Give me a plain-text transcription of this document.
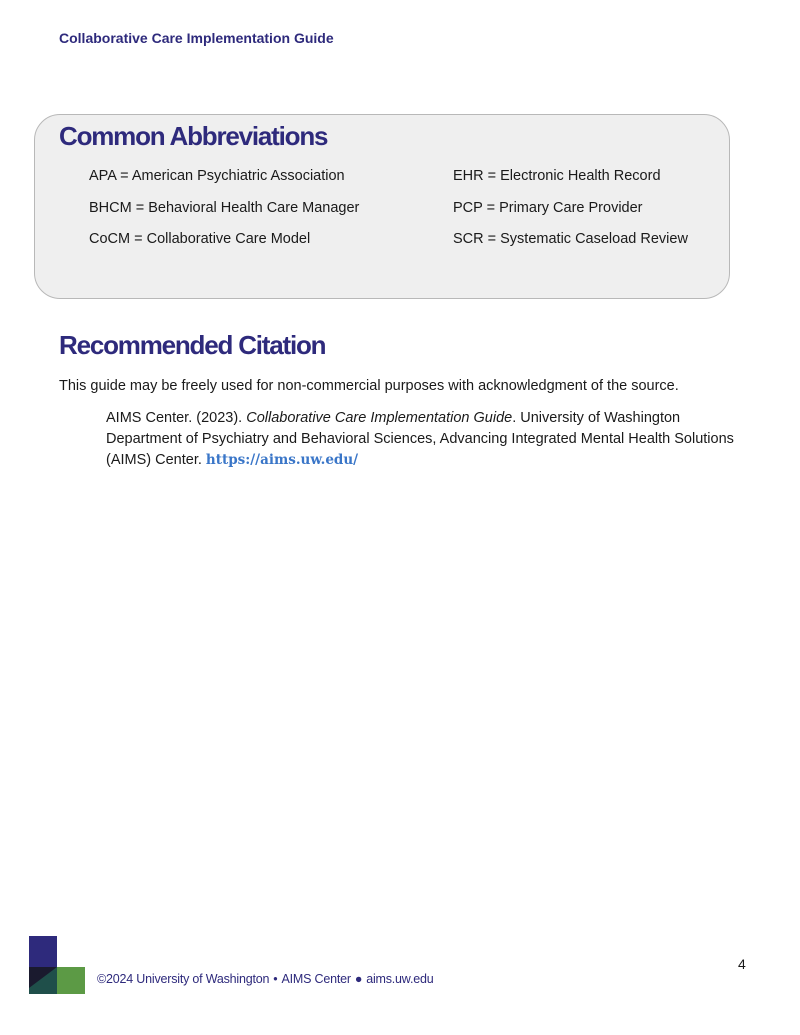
Collaborative Care Implementation Guide
Common Abbreviations
APA = American Psychiatric Association
BHCM = Behavioral Health Care Manager
CoCM = Collaborative Care Model
EHR = Electronic Health Record
PCP = Primary Care Provider
SCR = Systematic Caseload Review
Recommended Citation

This guide may be freely used for non-commercial purposes with acknowledgment of the source.

AIMS Center. (2023). Collaborative Care Implementation Guide. University of Washington Department of Psychiatry and Behavioral Sciences, Advancing Integrated Mental Health Solutions (AIMS) Center. https://aims.uw.edu/

4
©2024 University of Washington • AIMS Center ● aims.uw.edu
